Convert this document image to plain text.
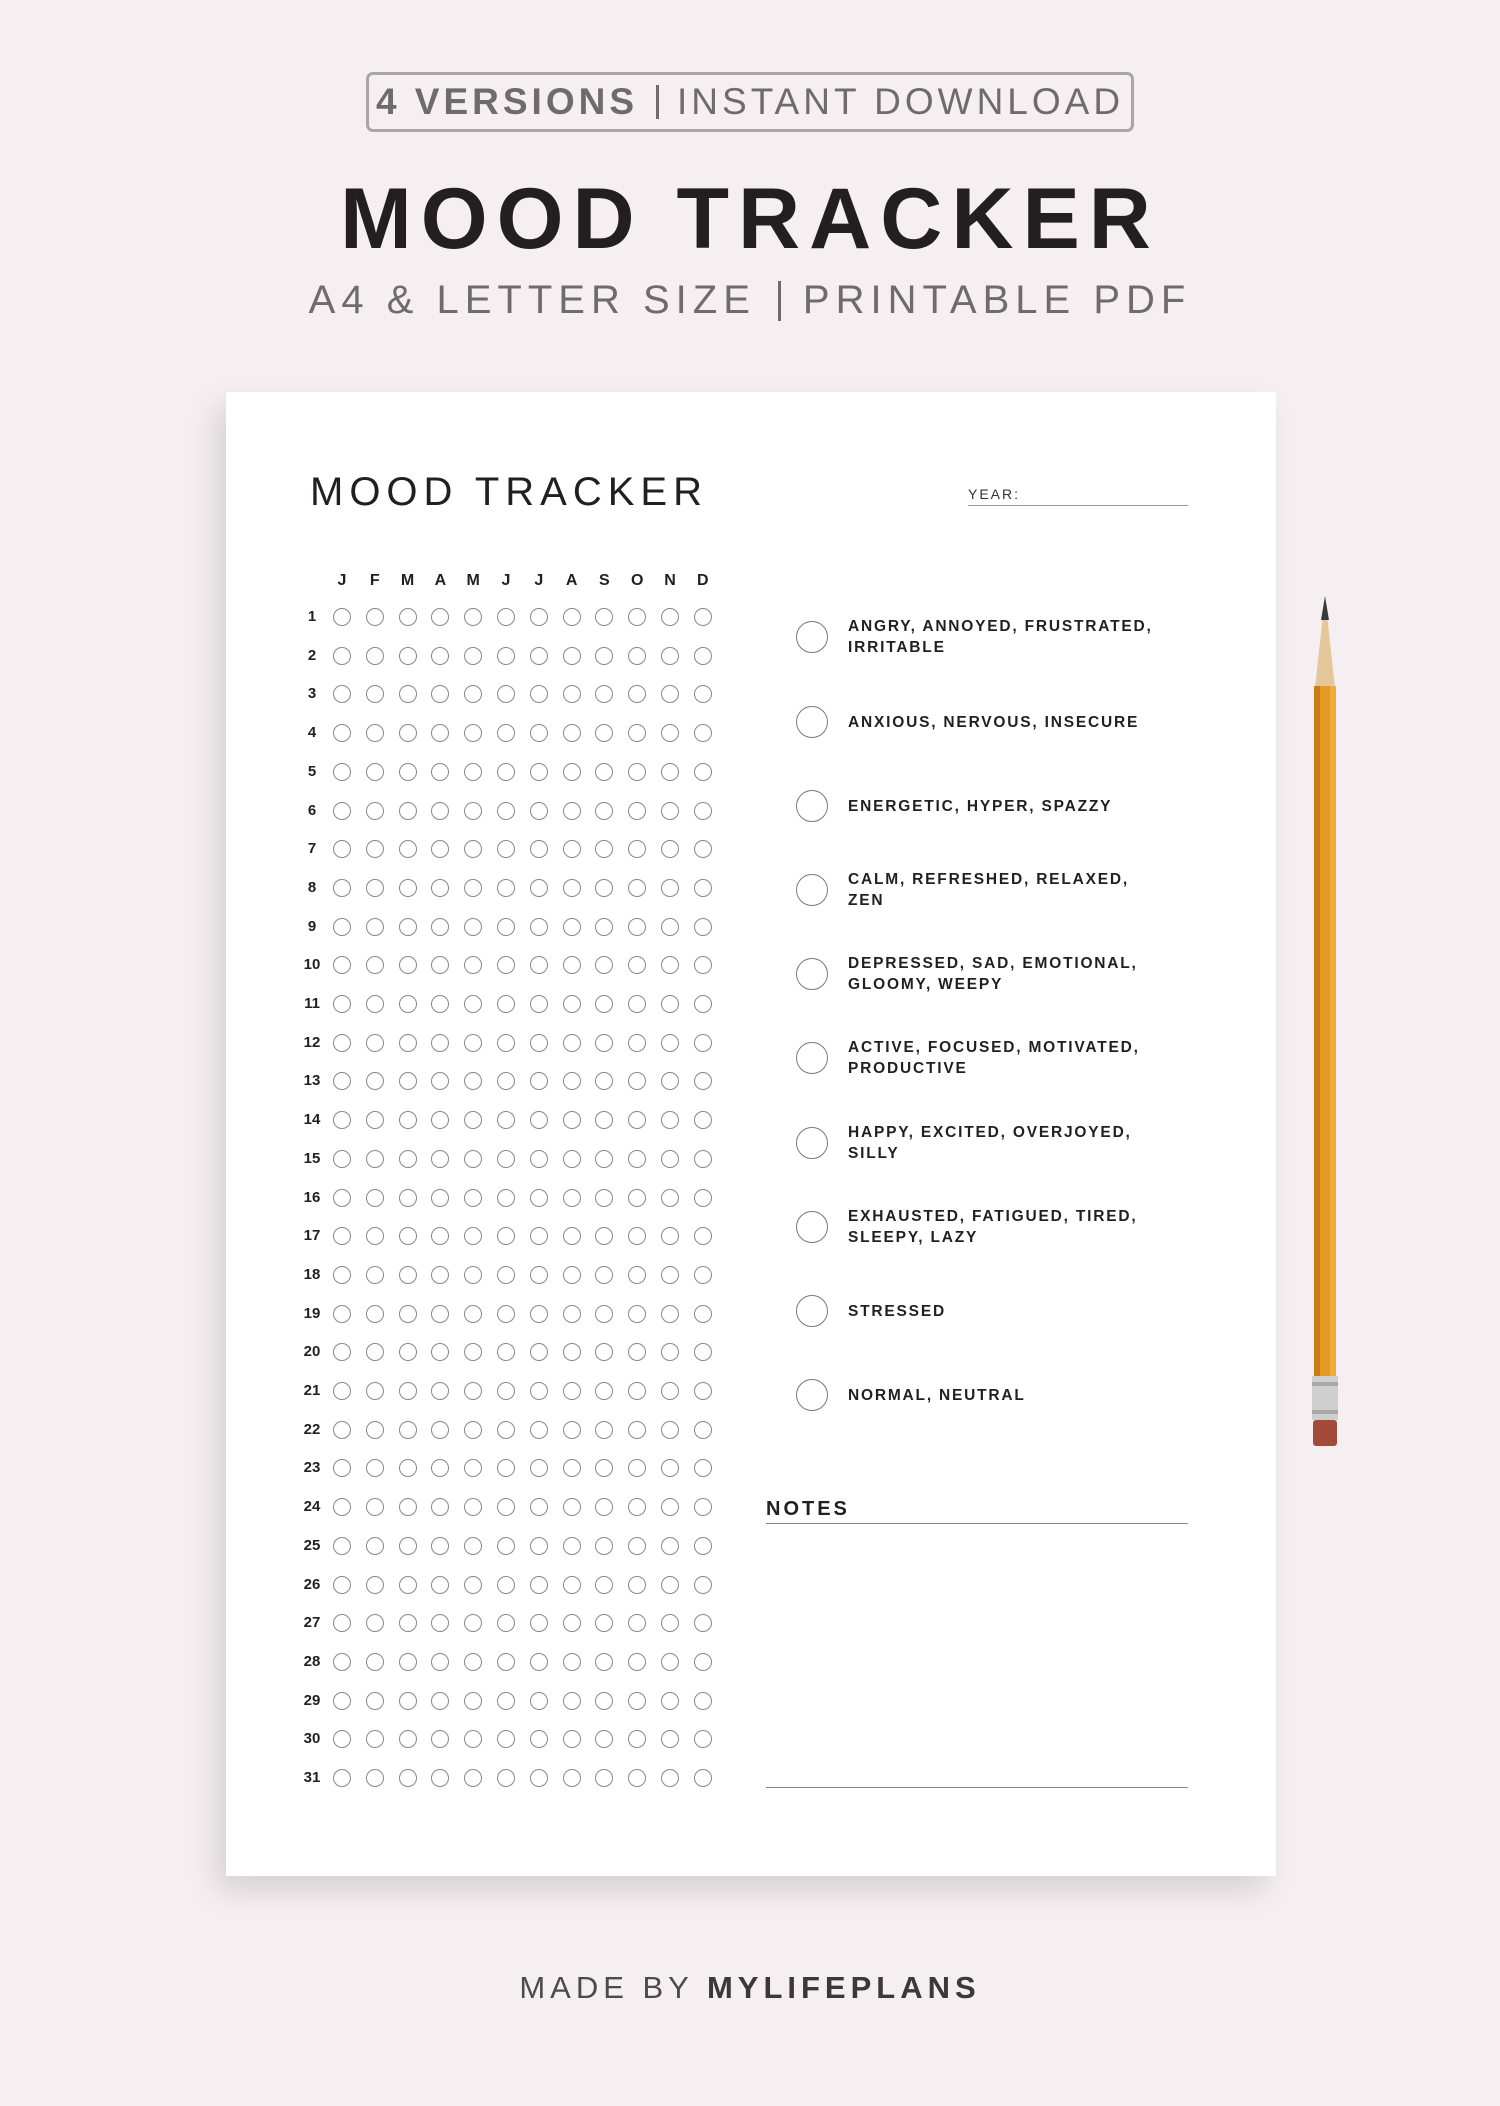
4 VERSIONS INSTANT DOWNLOAD
MOOD TRACKER
A4 & LETTER SIZE PRINTABLE PDF
MOOD TRACKER	YEAR:
J	F	M	A	M	J	J	A	S	O	N	D
1
2
3
4
5
6
7
8
9
10
11
12
13
14
15
16
17
18
19
20
21
22
23
24
25
26
27
28
29
30
31
ANGRY, ANNOYED, FRUSTRATED,
IRRITABLE
ANXIOUS, NERVOUS, INSECURE
ENERGETIC, HYPER, SPAZZY
CALM, REFRESHED, RELAXED,
ZEN
DEPRESSED, SAD, EMOTIONAL,
GLOOMY, WEEPY
ACTIVE, FOCUSED, MOTIVATED,
PRODUCTIVE
HAPPY, EXCITED, OVERJOYED,
SILLY
EXHAUSTED, FATIGUED, TIRED,
SLEEPY, LAZY
STRESSED
NORMAL, NEUTRAL
NOTES
MADE BY MYLIFEPLANS
